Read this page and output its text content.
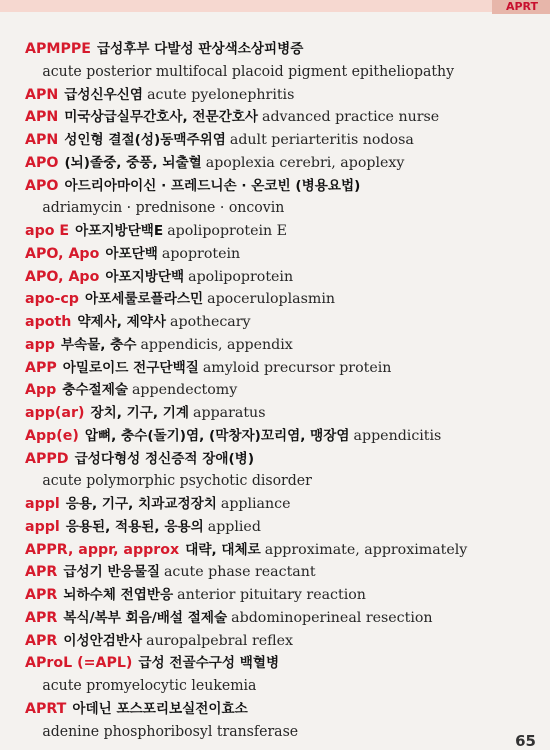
APRT
APMPPE 급성후부 다발성 판상색소상피병증
acute posterior multifocal placoid pigment epitheliopathy
APN 급성신우신염 acute pyelonephritis
APN 미국상급실무간호사, 전문간호사 advanced practice nurse
APN 성인형 결절(성)동맥주위염 adult periarteritis nodosa
APO (뇌)졸중, 중풍, 뇌출혈 apoplexia cerebri, apoplexy
APO 아드리아마이신 · 프레드니손 · 온코빈 (병용요법)
adriamycin · prednisone · oncovin
apo E 아포지방단백E apolipoprotein E
APO, Apo 아포단백 apoprotein
APO, Apo 아포지방단백 apolipoprotein
apo-cp 아포세룰로플라스민 apoceruloplasmin
apoth 약제사, 제약사 apothecary
app 부속물, 충수 appendicis, appendix
APP 아밀로이드 전구단백질 amyloid precursor protein
App 충수절제술 appendectomy
app(ar) 장치, 기구, 기계 apparatus
App(e) 압뼈, 충수(돌기)염, (막창자)꼬리염, 맹장염 appendicitis
APPD 급성다형성 정신증적 장애(병)
acute polymorphic psychotic disorder
appl 응용, 기구, 치과교정장치 appliance
appl 응용된, 적용된, 응용의 applied
APPR, appr, approx 대략, 대체로 approximate, approximately
APR 급성기 반응물질 acute phase reactant
APR 뇌하수체 전엽반응 anterior pituitary reaction
APR 복식/복부 회음/배설 절제술 abdominoperineal resection
APR 이성안검반사 auropalpebral reflex
AProL (=APL) 급성 전골수구성 백혈병
acute promyelocytic leukemia
APRT 아데닌 포스포리보실전이효소
adenine phosphoribosyl transferase
65
